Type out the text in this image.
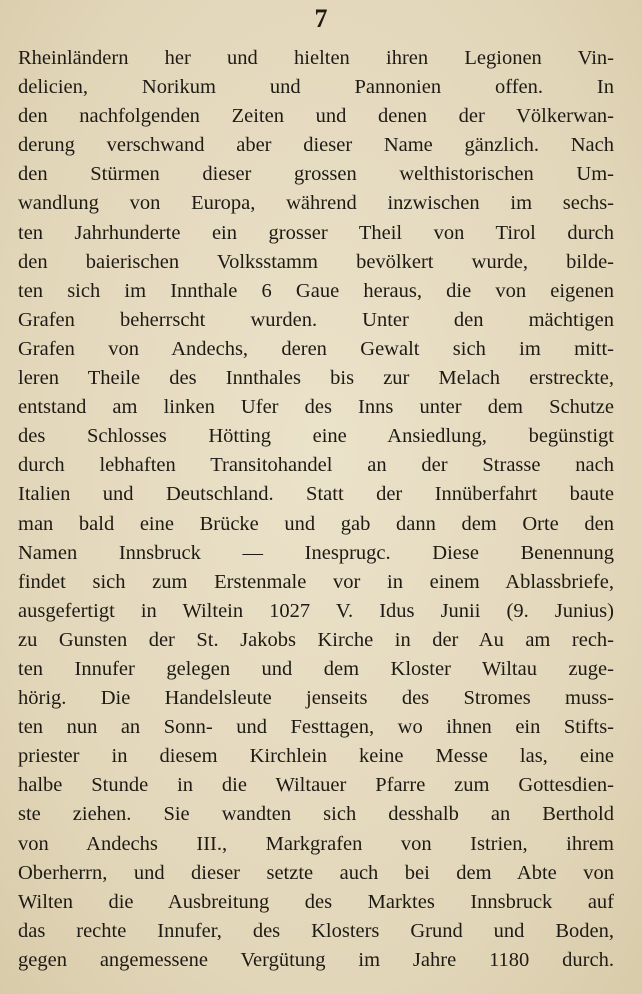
7
Rheinländern her und hielten ihren Legionen Vin-
delicien, Norikum und Pannonien offen. In
den nachfolgenden Zeiten und denen der Völkerwan-
derung verschwand aber dieser Name gänzlich. Nach
den Stürmen dieser grossen welthistorischen Um-
wandlung von Europa, während inzwischen im sechs-
ten Jahrhunderte ein grosser Theil von Tirol durch
den baierischen Volksstamm bevölkert wurde, bilde-
ten sich im Innthale 6 Gaue heraus, die von eigenen
Grafen beherrscht wurden. Unter den mächtigen
Grafen von Andechs, deren Gewalt sich im mitt-
leren Theile des Innthales bis zur Melach erstreckte,
entstand am linken Ufer des Inns unter dem Schutze
des Schlosses Hötting eine Ansiedlung, begünstigt
durch lebhaften Transitohandel an der Strasse nach
Italien und Deutschland. Statt der Innüberfahrt baute
man bald eine Brücke und gab dann dem Orte den
Namen Innsbruck — Inesprugc. Diese Benennung
findet sich zum Erstenmale vor in einem Ablassbriefe,
ausgefertigt in Wiltein 1027 V. Idus Junii (9. Junius)
zu Gunsten der St. Jakobs Kirche in der Au am rech-
ten Innufer gelegen und dem Kloster Wiltau zuge-
hörig. Die Handelsleute jenseits des Stromes muss-
ten nun an Sonn- und Festtagen, wo ihnen ein Stifts-
priester in diesem Kirchlein keine Messe las, eine
halbe Stunde in die Wiltauer Pfarre zum Gottesdien-
ste ziehen. Sie wandten sich desshalb an Berthold
von Andechs III., Markgrafen von Istrien, ihrem
Oberherrn, und dieser setzte auch bei dem Abte von
Wilten die Ausbreitung des Marktes Innsbruck auf
das rechte Innufer, des Klosters Grund und Boden,
gegen angemessene Vergütung im Jahre 1180 durch.
